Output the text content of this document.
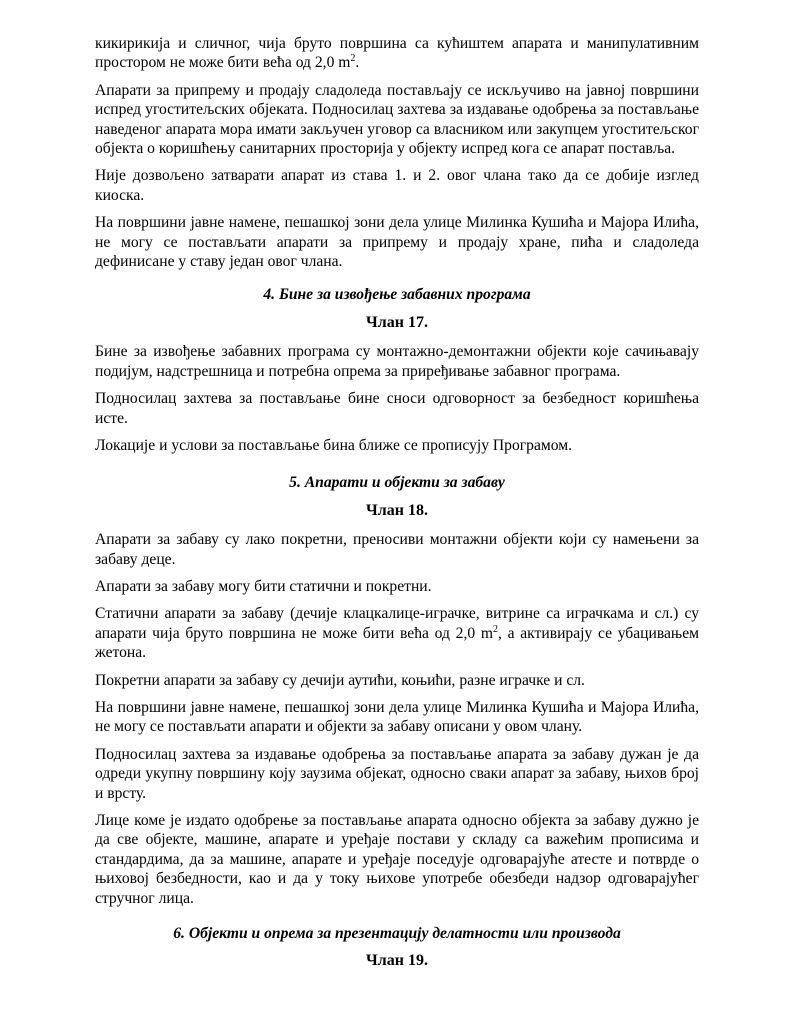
кикирикија и сличног, чија бруто површина са кућиштем апарата и манипулативним простором не може бити већа од 2,0 $m^2$.

Апарати за припрему и продају сладоледа постављају се искључиво на јавној површини испред угоститељских објеката. Подносилац захтева за издавање одобрења за постављање наведеног апарата мора имати закључен уговор са власником или закупцем угоститељског објекта о коришћењу санитарних просторија у објекту испред кога се апарат поставља.

Није дозвољено затварати апарат из става 1. и 2. овог члана тако да се добије изглед киоска.

На површини јавне намене, пешашкој зони дела улице Милинка Кушића и Мајора Илића, не могу се постављати апарати за припрему и продају хране, пића и сладоледа дефинисане у ставу један овог члана.

4. Бине за извођење забавних програма
Члан 17.

Бине за извођење забавних програма су монтажно-демонтажни објекти које сачињавају подијум, надстрешница и потребна опрема за приређивање забавног програма.

Подносилац захтева за постављање бине сноси одговорност за безбедност коришћења исте.

Локације и услови за постављање бина ближе се прописују Програмом.

5. Апарати и објекти за забаву
Члан 18.

Апарати за забаву су лако покретни, преносиви монтажни објекти који су намењени за забаву деце.

Апарати за забаву могу бити статични и покретни.

Статични апарати за забаву (дечије клацкалице-играчке, витрине са играчкама и сл.) су апарати чија бруто површина не може бити већа од 2,0 $m^2$, а активирају се убацивањем жетона.

Покретни апарати за забаву су дечији аутићи, коњићи, разне играчке и сл.

На површини јавне намене, пешашкој зони дела улице Милинка Кушића и Мајора Илића, не могу се постављати апарати и објекти за забаву описани у овом члану.

Подносилац захтева за издавање одобрења за постављање апарата за забаву дужан је да одреди укупну површину коју заузима објекат, односно сваки апарат за забаву, њихов број и врсту.

Лице коме је издато одобрење за постављање апарата односно објекта за забаву дужно је да све објекте, машине, апарате и уређаје постави у складу са важећим прописима и стандардима, да за машине, апарате и уређаје поседује одговарајуће атесте и потврде о њиховој безбедности, као и да у току њихове употребе обезбеди надзор одговарајућег стручног лица.

6. Објекти и опрема за презентацију делатности или производа
Члан 19.
